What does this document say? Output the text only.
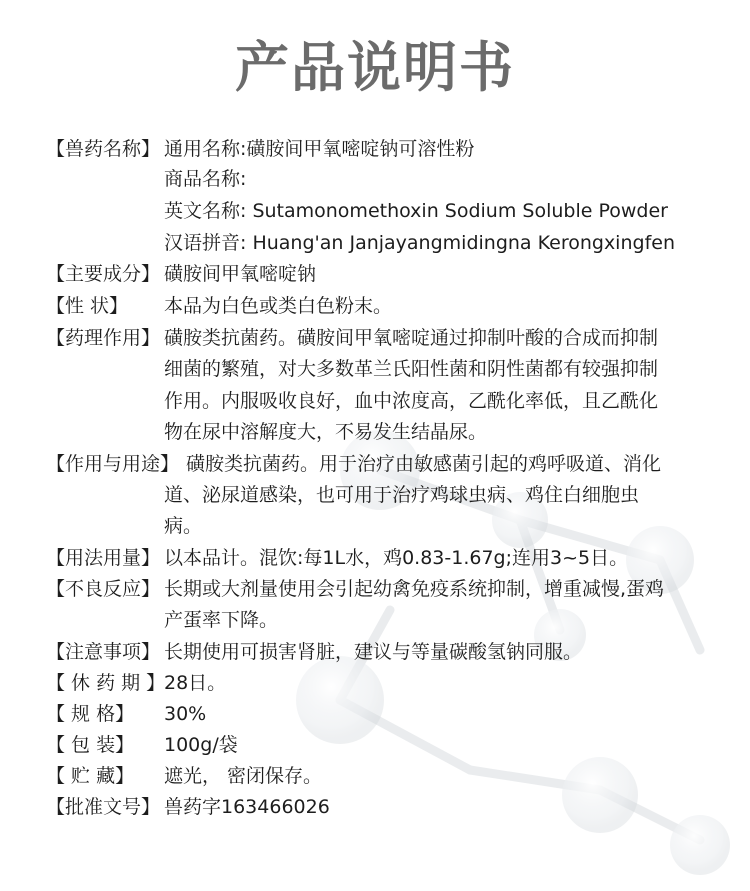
产品说明书
【兽药名称】 通用名称:磺胺间甲氧嘧啶钠可溶性粉
商品名称:
英文名称: Sutamonomethoxin Sodium Soluble Powder
汉语拼音: Huang'an Janjayangmidingna Kerongxingfen
【主要成分】 磺胺间甲氧嘧啶钠
【性 状】 本品为白色或类白色粉末。
【药理作用】 磺胺类抗菌药。磺胺间甲氧嘧啶通过抑制叶酸的合成而抑制
细菌的繁殖，对大多数革兰氏阳性菌和阴性菌都有较强抑制
作用。内服吸收良好，血中浓度高，乙酰化率低，且乙酰化
物在尿中溶解度大，不易发生结晶尿。
【作用与用途】 磺胺类抗菌药。用于治疗由敏感菌引起的鸡呼吸道、消化
道、泌尿道感染，也可用于治疗鸡球虫病、鸡住白细胞虫
病。
【用法用量】 以本品计。混饮:每1L水，鸡0.83-1.67g;连用3~5日。
【不良反应】 长期或大剂量使用会引起幼禽免疫系统抑制，增重减慢,蛋鸡
产蛋率下降。
【注意事项】 长期使用可损害肾脏，建议与等量碳酸氢钠同服。
【 休 药 期 】28日。
【 规 格】 30%
【 包 装】 100g/袋
【 贮 藏】 遮光， 密闭保存。
【批准文号】 兽药字163466026
